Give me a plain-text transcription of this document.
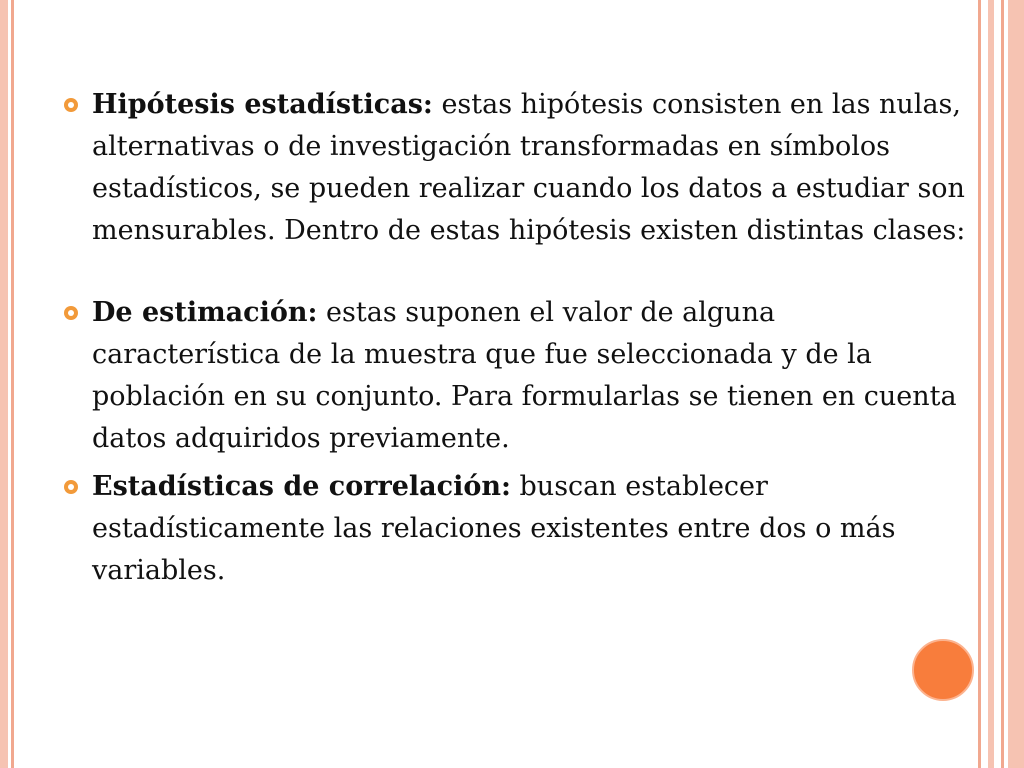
Hipótesis estadísticas: estas hipótesis consisten en las nulas, alternativas o de investigación transformadas en símbolos estadísticos, se pueden realizar cuando los datos a estudiar son mensurables. Dentro de estas hipótesis existen distintas clases:
De estimación: estas suponen el valor de alguna característica de la muestra que fue seleccionada y de la población en su conjunto. Para formularlas se tienen en cuenta datos adquiridos previamente.
Estadísticas de correlación: buscan establecer estadísticamente las relaciones existentes entre dos o más variables.
